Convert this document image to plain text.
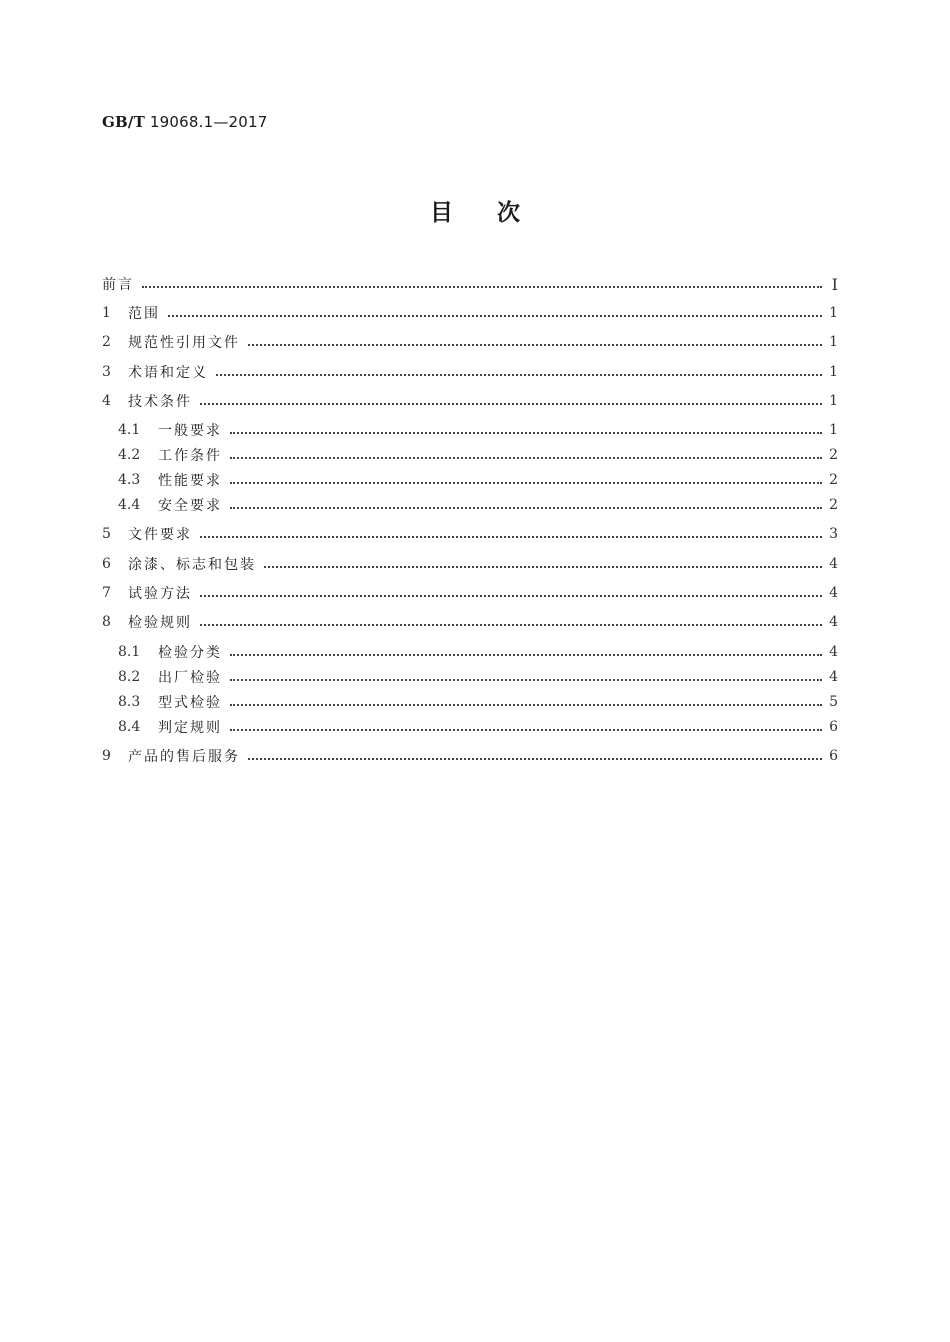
GB/T 19068.1—2017
目次
前言	Ⅰ
1	范围	1
2	规范性引用文件	1
3	术语和定义	1
4	技术条件	1
4.1	一般要求	1
4.2	工作条件	2
4.3	性能要求	2
4.4	安全要求	2
5	文件要求	3
6	涂漆、标志和包装	4
7	试验方法	4
8	检验规则	4
8.1	检验分类	4
8.2	出厂检验	4
8.3	型式检验	5
8.4	判定规则	6
9	产品的售后服务	6
